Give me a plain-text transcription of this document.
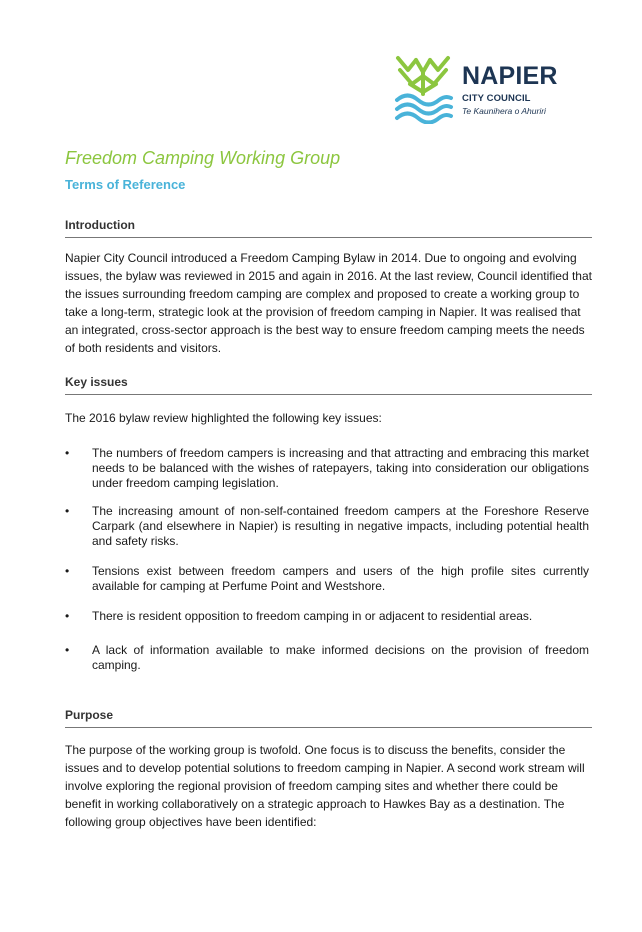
NAPIER
CITY COUNCIL
Te Kaunihera o Ahuriri
Freedom Camping Working Group
Terms of Reference
Introduction

Napier City Council introduced a Freedom Camping Bylaw in 2014. Due to ongoing and evolving issues, the bylaw was reviewed in 2015 and again in 2016. At the last review, Council identified that the issues surrounding freedom camping are complex and proposed to create a working group to take a long-term, strategic look at the provision of freedom camping in Napier. It was realised that an integrated, cross-sector approach is the best way to ensure freedom camping meets the needs of both residents and visitors.

Key issues

The 2016 bylaw review highlighted the following key issues:

• The numbers of freedom campers is increasing and that attracting and embracing this market needs to be balanced with the wishes of ratepayers, taking into consideration our obligations under freedom camping legislation.
• The increasing amount of non-self-contained freedom campers at the Foreshore Reserve Carpark (and elsewhere in Napier) is resulting in negative impacts, including potential health and safety risks.
• Tensions exist between freedom campers and users of the high profile sites currently available for camping at Perfume Point and Westshore.
• There is resident opposition to freedom camping in or adjacent to residential areas.
• A lack of information available to make informed decisions on the provision of freedom camping.
Purpose

The purpose of the working group is twofold. One focus is to discuss the benefits, consider the issues and to develop potential solutions to freedom camping in Napier. A second work stream will involve exploring the regional provision of freedom camping sites and whether there could be benefit in working collaboratively on a strategic approach to Hawkes Bay as a destination. The following group objectives have been identified:
